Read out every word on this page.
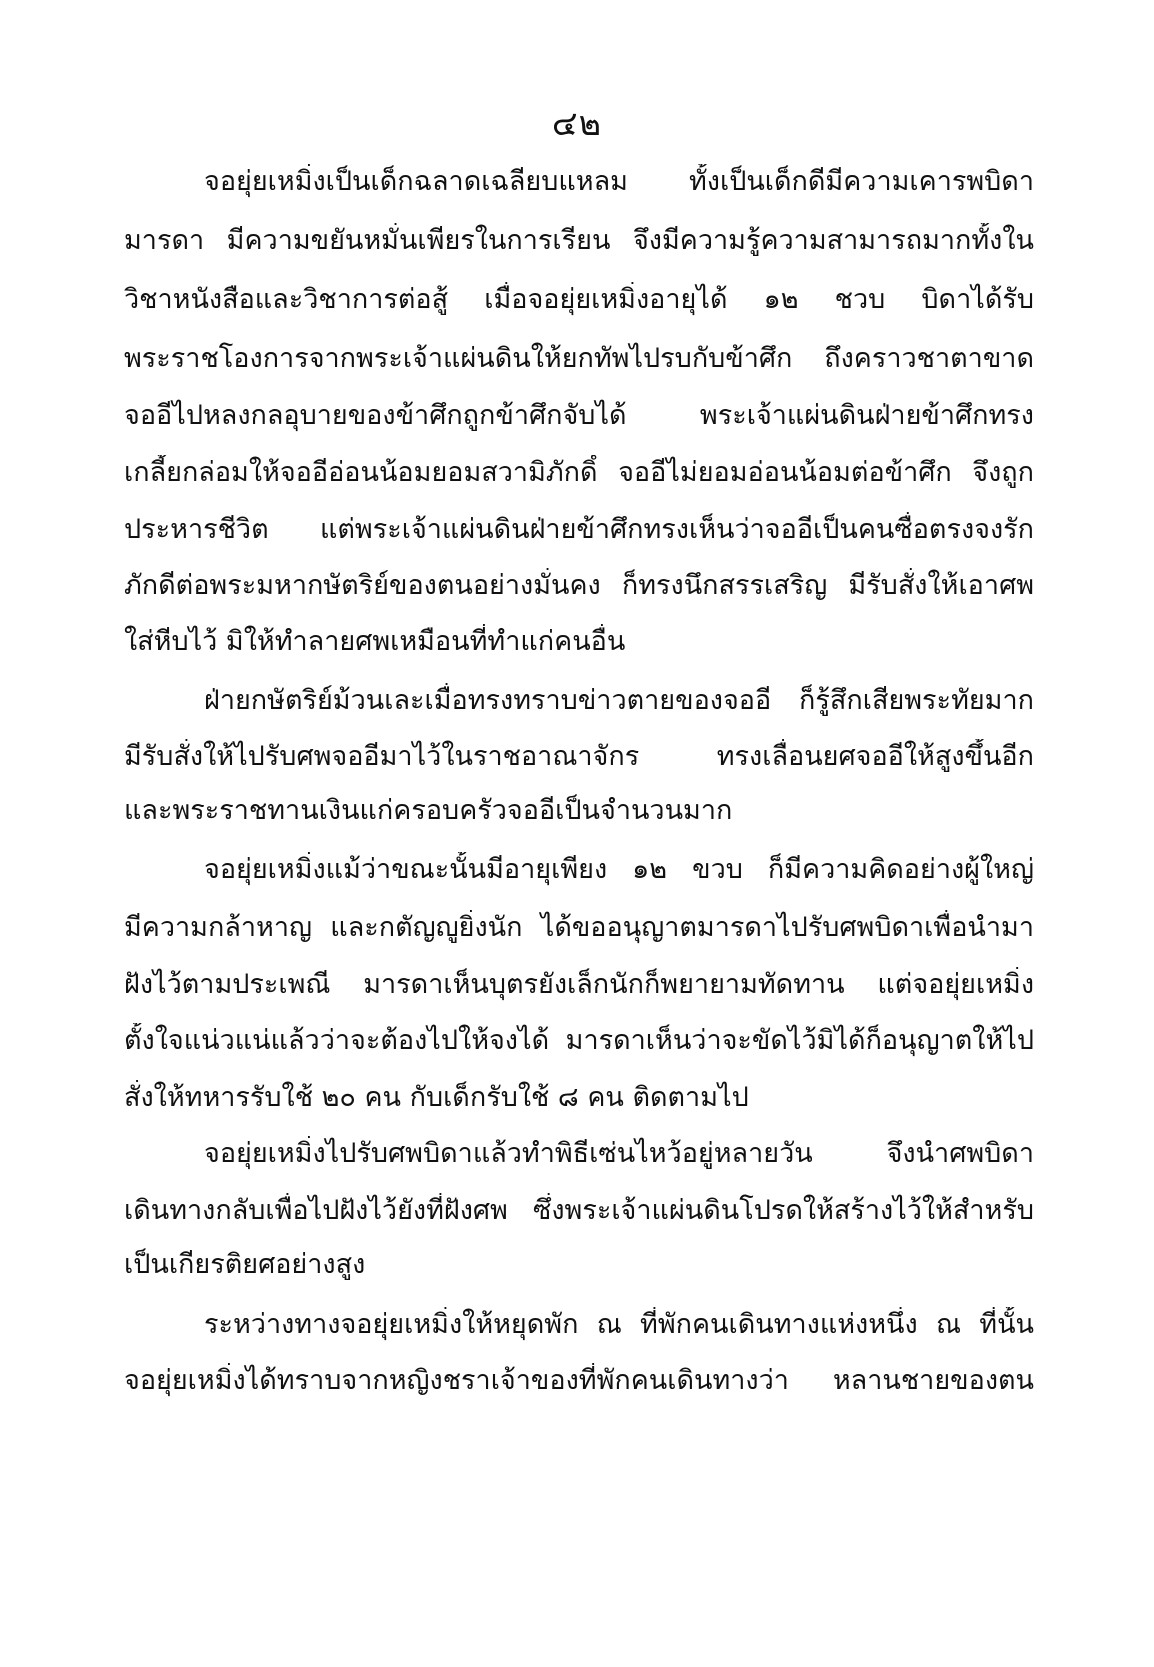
๔๒
จอยุ่ยเหมิ่งเป็นเด็กฉลาดเฉลียบแหลม ทั้งเป็นเด็กดีมีความเคารพบิดา
มารดา มีความขยันหมั่นเพียรในการเรียน จึงมีความรู้ความสามารถมากทั้งใน
วิชาหนังสือและวิชาการต่อสู้ เมื่อจอยุ่ยเหมิ่งอายุได้ ๑๒ ชวบ บิดาได้รับ
พระราชโองการจากพระเจ้าแผ่นดินให้ยกทัพไปรบกับข้าศึก ถึงคราวชาตาขาด
จออีไปหลงกลอุบายของข้าศึกถูกข้าศึกจับได้ พระเจ้าแผ่นดินฝ่ายข้าศึกทรง
เกลี้ยกล่อมให้จออีอ่อนน้อมยอมสวามิภักดิ์ จออีไม่ยอมอ่อนน้อมต่อข้าศึก จึงถูก
ประหารชีวิต แต่พระเจ้าแผ่นดินฝ่ายข้าศึกทรงเห็นว่าจออีเป็นคนซื่อตรงจงรัก
ภักดีต่อพระมหากษัตริย์ของตนอย่างมั่นคง ก็ทรงนึกสรรเสริญ มีรับสั่งให้เอาศพ
ใส่หีบไว้ มิให้ทำลายศพเหมือนที่ทำแก่คนอื่น
ฝ่ายกษัตริย์ม้วนเละเมื่อทรงทราบข่าวตายของจออี ก็รู้สึกเสียพระทัยมาก
มีรับสั่งให้ไปรับศพจออีมาไว้ในราชอาณาจักร ทรงเลื่อนยศจออีให้สูงขึ้นอีก
และพระราชทานเงินแก่ครอบครัวจออีเป็นจำนวนมาก
จอยุ่ยเหมิ่งแม้ว่าขณะนั้นมีอายุเพียง ๑๒ ขวบ ก็มีความคิดอย่างผู้ใหญ่
มีความกล้าหาญ และกตัญญูยิ่งนัก ได้ขออนุญาตมารดาไปรับศพบิดาเพื่อนำมา
ฝังไว้ตามประเพณี มารดาเห็นบุตรยังเล็กนักก็พยายามทัดทาน แต่จอยุ่ยเหมิ่ง
ตั้งใจแน่วแน่แล้วว่าจะต้องไปให้จงได้ มารดาเห็นว่าจะขัดไว้มิได้ก็อนุญาตให้ไป
สั่งให้ทหารรับใช้ ๒๐ คน กับเด็กรับใช้ ๘ คน ติดตามไป
จอยุ่ยเหมิ่งไปรับศพบิดาแล้วทำพิธีเซ่นไหว้อยู่หลายวัน จึงนำศพบิดา
เดินทางกลับเพื่อไปฝังไว้ยังที่ฝังศพ ซึ่งพระเจ้าแผ่นดินโปรดให้สร้างไว้ให้สำหรับ
เป็นเกียรติยศอย่างสูง
ระหว่างทางจอยุ่ยเหมิ่งให้หยุดพัก ณ ที่พักคนเดินทางแห่งหนึ่ง ณ ที่นั้น
จอยุ่ยเหมิ่งได้ทราบจากหญิงชราเจ้าของที่พักคนเดินทางว่า หลานชายของตน
